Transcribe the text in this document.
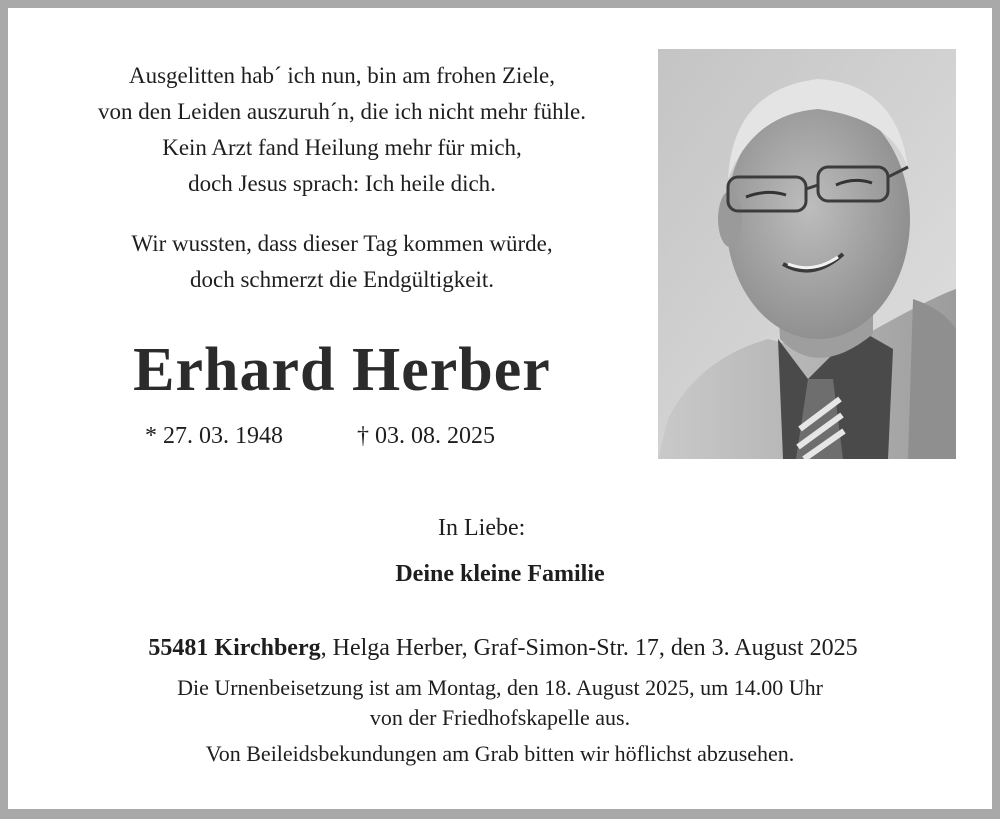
Ausgelitten hab´ ich nun, bin am frohen Ziele,
von den Leiden auszuruh´n, die ich nicht mehr fühle.
Kein Arzt fand Heilung mehr für mich,
doch Jesus sprach: Ich heile dich.
Wir wussten, dass dieser Tag kommen würde,
doch schmerzt die Endgültigkeit.
Erhard Herber
* 27. 03. 1948	† 03. 08. 2025
In Liebe:
Deine kleine Familie
55481 Kirchberg, Helga Herber, Graf-Simon-Str. 17, den 3. August 2025
Die Urnenbeisetzung ist am Montag, den 18. August 2025, um 14.00 Uhr
von der Friedhofskapelle aus.
Von Beileidsbekundungen am Grab bitten wir höflichst abzusehen.
